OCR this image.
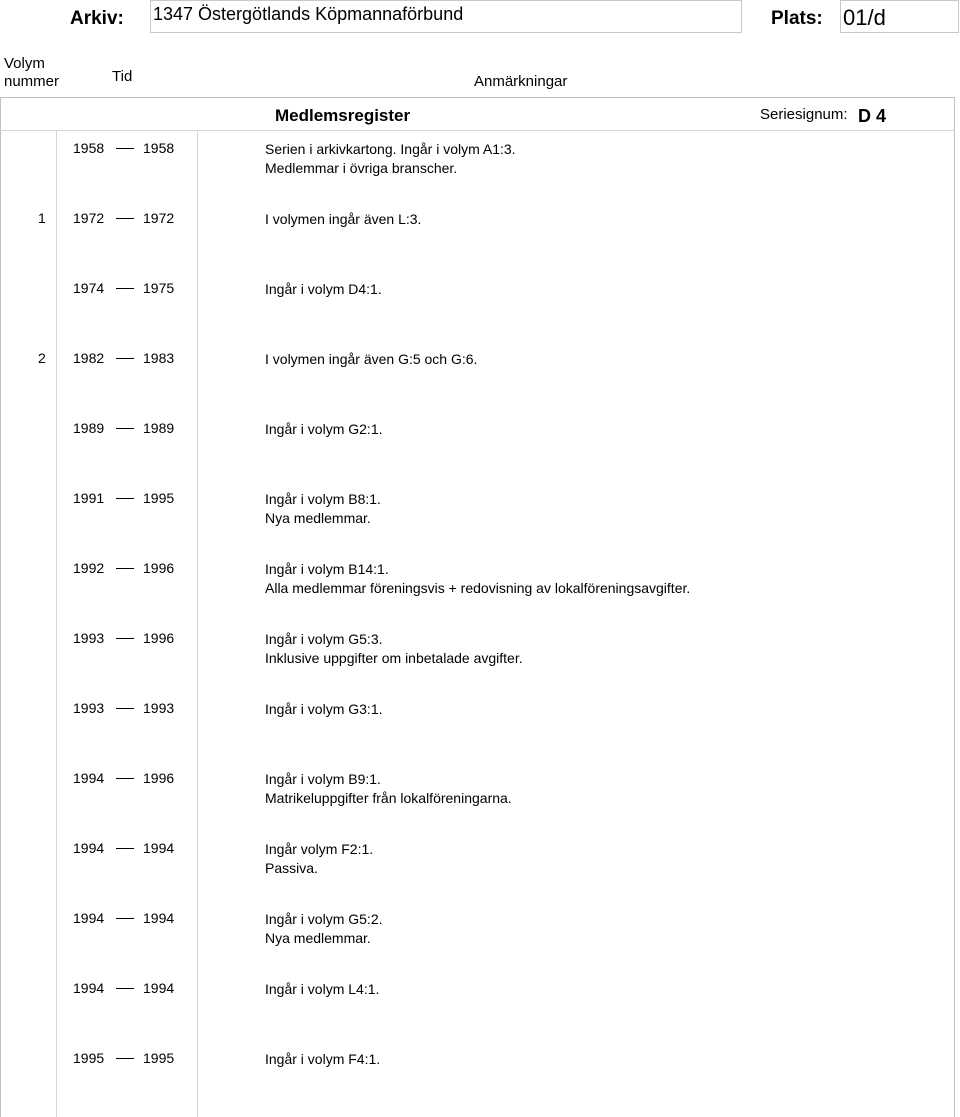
Arkiv: 1347 Östergötlands Köpmannaförbund	Plats: 01/d
Volym
nummer	Tid	Anmärkningar
Medlemsregister	Seriesignum: D 4
1958	1958	Serien i arkivkartong. Ingår i volym A1:3.
Medlemmar i övriga branscher.
1 1972	1972	I volymen ingår även L:3.
1974	1975	Ingår i volym D4:1.
2 1982	1983	I volymen ingår även G:5 och G:6.
1989	1989	Ingår i volym G2:1.
1991	1995	Ingår i volym B8:1.
Nya medlemmar.
1992	1996	Ingår i volym B14:1.
Alla medlemmar föreningsvis + redovisning av lokalföreningsavgifter.
1993	1996	Ingår i volym G5:3.
Inklusive uppgifter om inbetalade avgifter.
1993	1993	Ingår i volym G3:1.
1994	1996	Ingår i volym B9:1.
Matrikeluppgifter från lokalföreningarna.
1994	1994	Ingår volym F2:1.
Passiva.
1994	1994	Ingår i volym G5:2.
Nya medlemmar.
1994	1994	Ingår i volym L4:1.
1995	1995	Ingår i volym F4:1.
